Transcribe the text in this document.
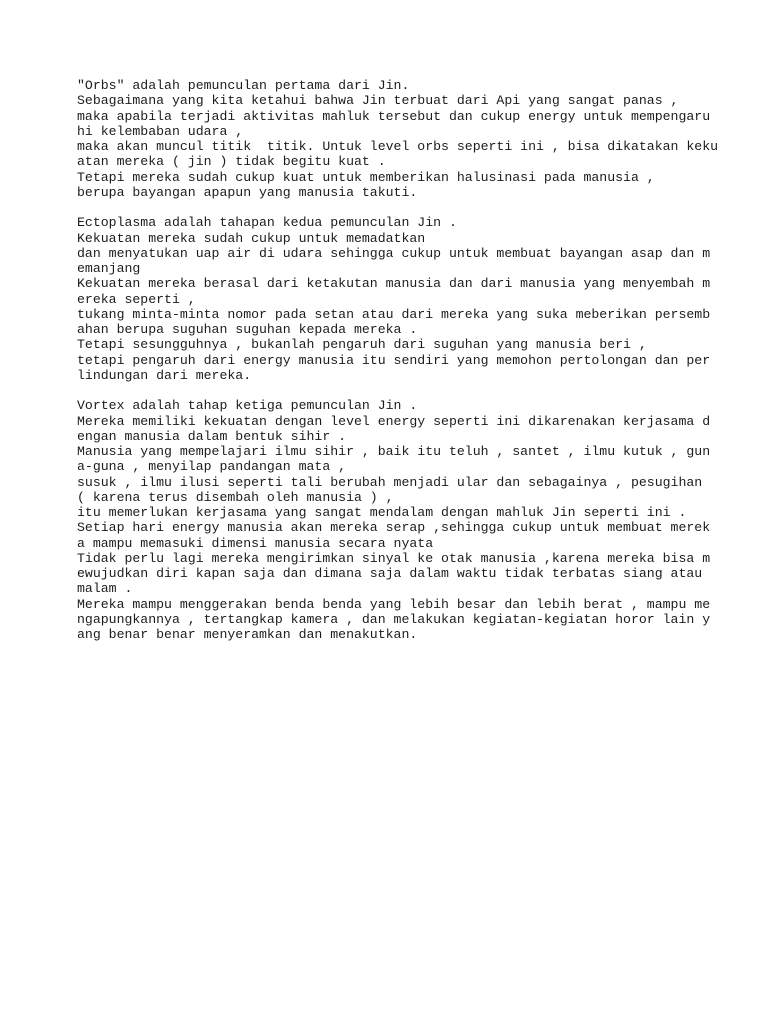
"Orbs" adalah pemunculan pertama dari Jin.
Sebagaimana yang kita ketahui bahwa Jin terbuat dari Api yang sangat panas ,
maka apabila terjadi aktivitas mahluk tersebut dan cukup energy untuk mempengaru
hi kelembaban udara ,
maka akan muncul titik  titik. Untuk level orbs seperti ini , bisa dikatakan keku
atan mereka ( jin ) tidak begitu kuat .
Tetapi mereka sudah cukup kuat untuk memberikan halusinasi pada manusia ,
berupa bayangan apapun yang manusia takuti.
Ectoplasma adalah tahapan kedua pemunculan Jin .
Kekuatan mereka sudah cukup untuk memadatkan
dan menyatukan uap air di udara sehingga cukup untuk membuat bayangan asap dan m
emanjang
Kekuatan mereka berasal dari ketakutan manusia dan dari manusia yang menyembah m
ereka seperti ,
tukang minta-minta nomor pada setan atau dari mereka yang suka meberikan persemb
ahan berupa suguhan suguhan kepada mereka .
Tetapi sesungguhnya , bukanlah pengaruh dari suguhan yang manusia beri ,
tetapi pengaruh dari energy manusia itu sendiri yang memohon pertolongan dan per
lindungan dari mereka.
Vortex adalah tahap ketiga pemunculan Jin .
Mereka memiliki kekuatan dengan level energy seperti ini dikarenakan kerjasama d
engan manusia dalam bentuk sihir .
Manusia yang mempelajari ilmu sihir , baik itu teluh , santet , ilmu kutuk , gun
a-guna , menyilap pandangan mata ,
susuk , ilmu ilusi seperti tali berubah menjadi ular dan sebagainya , pesugihan
( karena terus disembah oleh manusia ) ,
itu memerlukan kerjasama yang sangat mendalam dengan mahluk Jin seperti ini .
Setiap hari energy manusia akan mereka serap ,sehingga cukup untuk membuat merek
a mampu memasuki dimensi manusia secara nyata
Tidak perlu lagi mereka mengirimkan sinyal ke otak manusia ,karena mereka bisa m
ewujudkan diri kapan saja dan dimana saja dalam waktu tidak terbatas siang atau
malam .
Mereka mampu menggerakan benda benda yang lebih besar dan lebih berat , mampu me
ngapungkannya , tertangkap kamera , dan melakukan kegiatan-kegiatan horor lain y
ang benar benar menyeramkan dan menakutkan.
